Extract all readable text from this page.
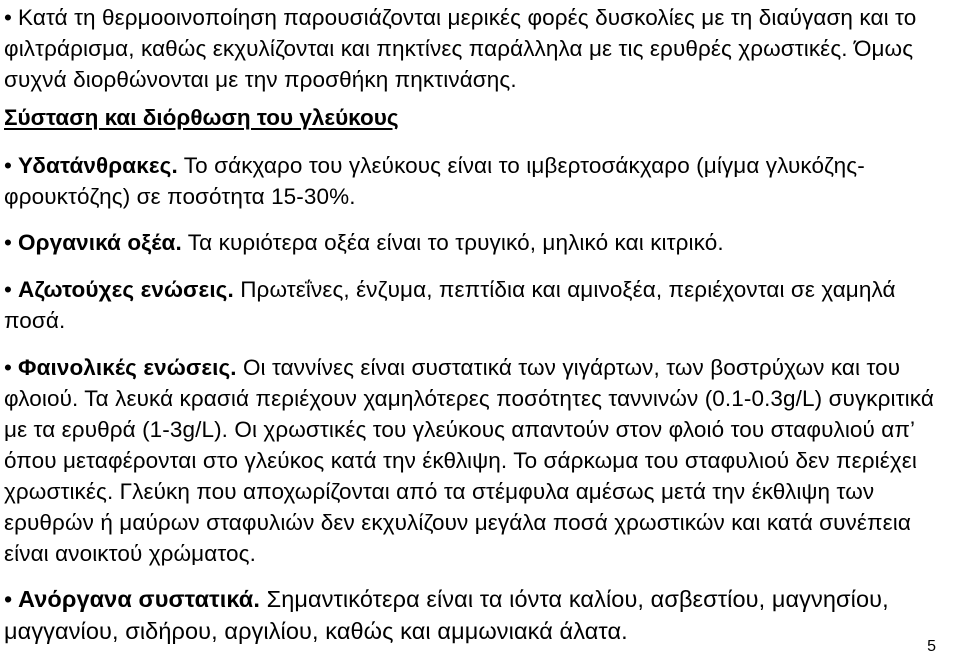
• Κατά τη θερμοοινοποίηση παρουσιάζονται μερικές φορές δυσκολίες με τη διαύγαση και το φιλτράρισμα, καθώς εκχυλίζονται και πηκτίνες παράλληλα με τις ερυθρές χρωστικές. Όμως συχνά διορθώνονται με την προσθήκη πηκτινάσης.
Σύσταση και διόρθωση του γλεύκους
• Υδατάνθρακες. Το σάκχαρο του γλεύκους είναι το ιμβερτοσάκχαρο (μίγμα γλυκόζης-φρουκτόζης) σε ποσότητα 15-30%.
• Οργανικά οξέα. Τα κυριότερα οξέα είναι το τρυγικό, μηλικό και κιτρικό.
• Αζωτούχες ενώσεις. Πρωτεΐνες, ένζυμα, πεπτίδια και αμινοξέα, περιέχονται σε χαμηλά ποσά.
• Φαινολικές ενώσεις. Οι ταννίνες είναι συστατικά των γιγάρτων, των βοστρύχων και του φλοιού. Τα λευκά κρασιά περιέχουν χαμηλότερες ποσότητες ταννινών (0.1-0.3g/L) συγκριτικά με τα ερυθρά (1-3g/L). Οι χρωστικές του γλεύκους απαντούν στον φλοιό του σταφυλιού απ’ όπου μεταφέρονται στο γλεύκος κατά την έκθλιψη. Το σάρκωμα του σταφυλιού δεν περιέχει χρωστικές. Γλεύκη που αποχωρίζονται από τα στέμφυλα αμέσως μετά την έκθλιψη των ερυθρών ή μαύρων σταφυλιών δεν εκχυλίζουν μεγάλα ποσά χρωστικών και κατά συνέπεια είναι ανοικτού χρώματος.
• Ανόργανα συστατικά. Σημαντικότερα είναι τα ιόντα καλίου, ασβεστίου, μαγνησίου, μαγγανίου, σιδήρου, αργιλίου, καθώς και αμμωνιακά άλατα.
5
